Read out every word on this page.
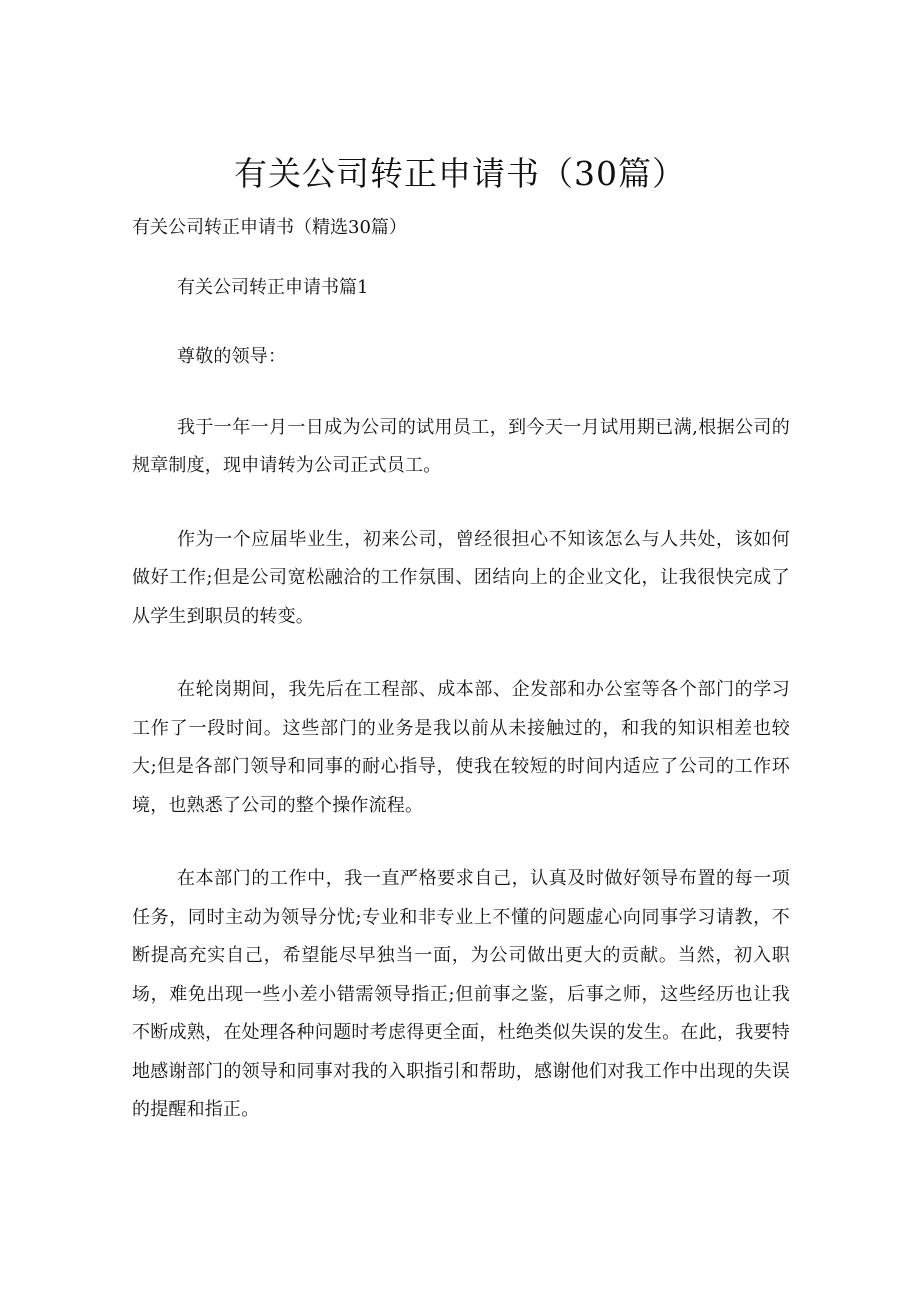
有关公司转正申请书（30篇）
有关公司转正申请书（精选30篇）
有关公司转正申请书篇1

尊敬的领导：

我于一年一月一日成为公司的试用员工，到今天一月试用期已满,根据公司的规章制度，现申请转为公司正式员工。

作为一个应届毕业生，初来公司，曾经很担心不知该怎么与人共处，该如何做好工作;但是公司宽松融洽的工作氛围、团结向上的企业文化，让我很快完成了从学生到职员的转变。

在轮岗期间，我先后在工程部、成本部、企发部和办公室等各个部门的学习工作了一段时间。这些部门的业务是我以前从未接触过的，和我的知识相差也较大;但是各部门领导和同事的耐心指导，使我在较短的时间内适应了公司的工作环境，也熟悉了公司的整个操作流程。

在本部门的工作中，我一直严格要求自己，认真及时做好领导布置的每一项任务，同时主动为领导分忧;专业和非专业上不懂的问题虚心向同事学习请教，不断提高充实自己，希望能尽早独当一面，为公司做出更大的贡献。当然，初入职场，难免出现一些小差小错需领导指正;但前事之鉴，后事之师，这些经历也让我不断成熟，在处理各种问题时考虑得更全面，杜绝类似失误的发生。在此，我要特地感谢部门的领导和同事对我的入职指引和帮助，感谢他们对我工作中出现的失误的提醒和指正。
